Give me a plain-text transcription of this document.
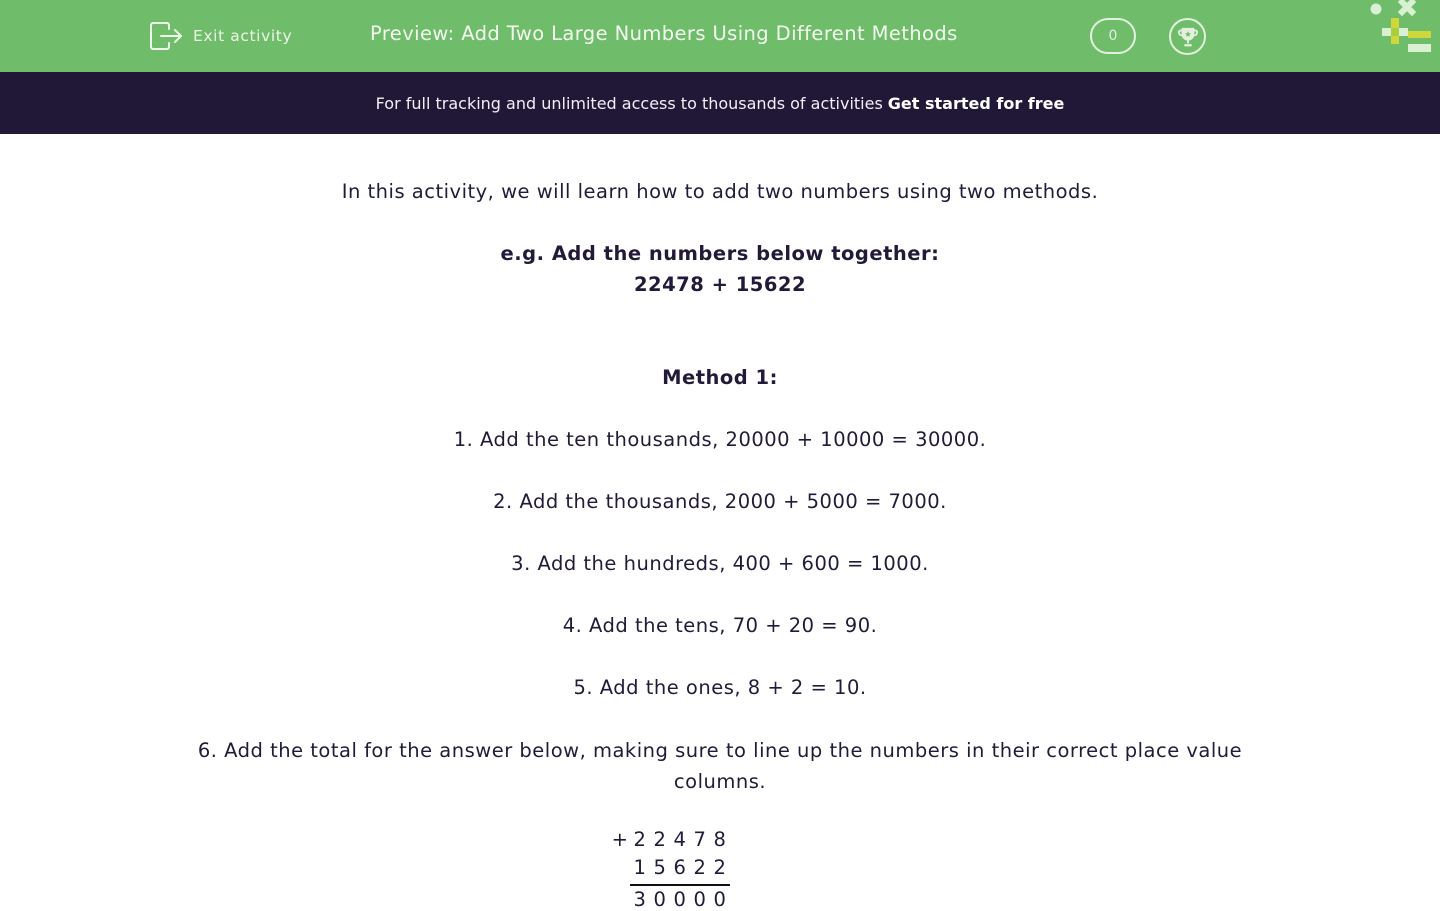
Exit activity	Preview: Add Two Large Numbers Using Different Methods	0
For full tracking and unlimited access to thousands of activities Get started for free
In this activity, we will learn how to add two numbers using two methods.
e.g. Add the numbers below together:
22478 + 15622
Method 1:
1. Add the ten thousands, 20000 + 10000 = 30000.
2. Add the thousands, 2000 + 5000 = 7000.
3. Add the hundreds, 400 + 600 = 1000.
4. Add the tens, 70 + 20 = 90.
5. Add the ones, 8 + 2 = 10.
6. Add the total for the answer below, making sure to line up the numbers in their correct place value columns.
+ 2 2 4 7 8
1 5 6 2 2
3 0 0 0 0
